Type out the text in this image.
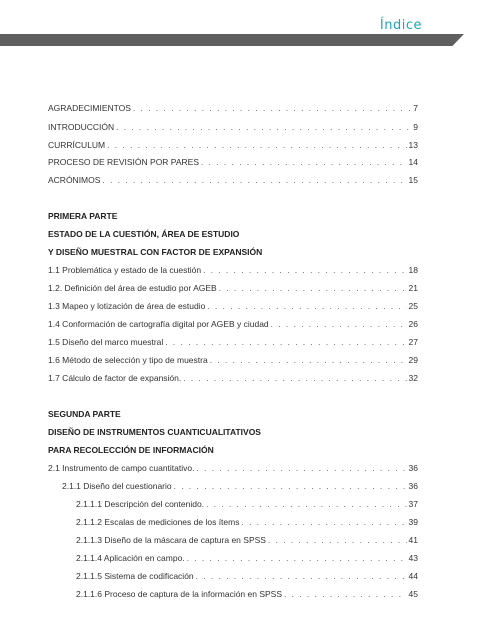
Índice
AGRADECIMIENTOS . . .	7
INTRODUCCIÓN . . .	9
CURRÍCULUM . . .	13
PROCESO DE REVISIÓN POR PARES . . .	14
ACRÓNIMOS . . .	15
PRIMERA PARTE
ESTADO DE LA CUESTIÓN, ÁREA DE ESTUDIO
Y DISEÑO MUESTRAL CON FACTOR DE EXPANSIÓN
1.1 Problemática y estado de la cuestión . . .	18
1.2. Definición del área de estudio por AGEB . . .	21
1.3 Mapeo y lotización de área de estudio . . .	25
1.4 Conformación de cartografía digital por AGEB y ciudad . . .	26
1.5 Diseño del marco muestral . . .	27
1.6 Método de selección y tipo de muestra . . .	29
1.7 Cálculo de factor de expansión. . . .	32
SEGUNDA PARTE
DISEÑO DE INSTRUMENTOS CUANTICUALITATIVOS
PARA RECOLECCIÓN DE INFORMACIÓN
2.1 Instrumento de campo cuantitativo. . . .	36
2.1.1 Diseño del cuestionario . . .	36
2.1.1.1 Descripción del contenido. . . .	37
2.1.1.2 Escalas de mediciones de los ítems . . .	39
2.1.1.3 Diseño de la máscara de captura en SPSS . . .	41
2.1.1.4 Aplicación en campo. . . .	43
2.1.1.5 Sistema de codificación . . .	44
2.1.1.6 Proceso de captura de la información en SPSS . . .	45
